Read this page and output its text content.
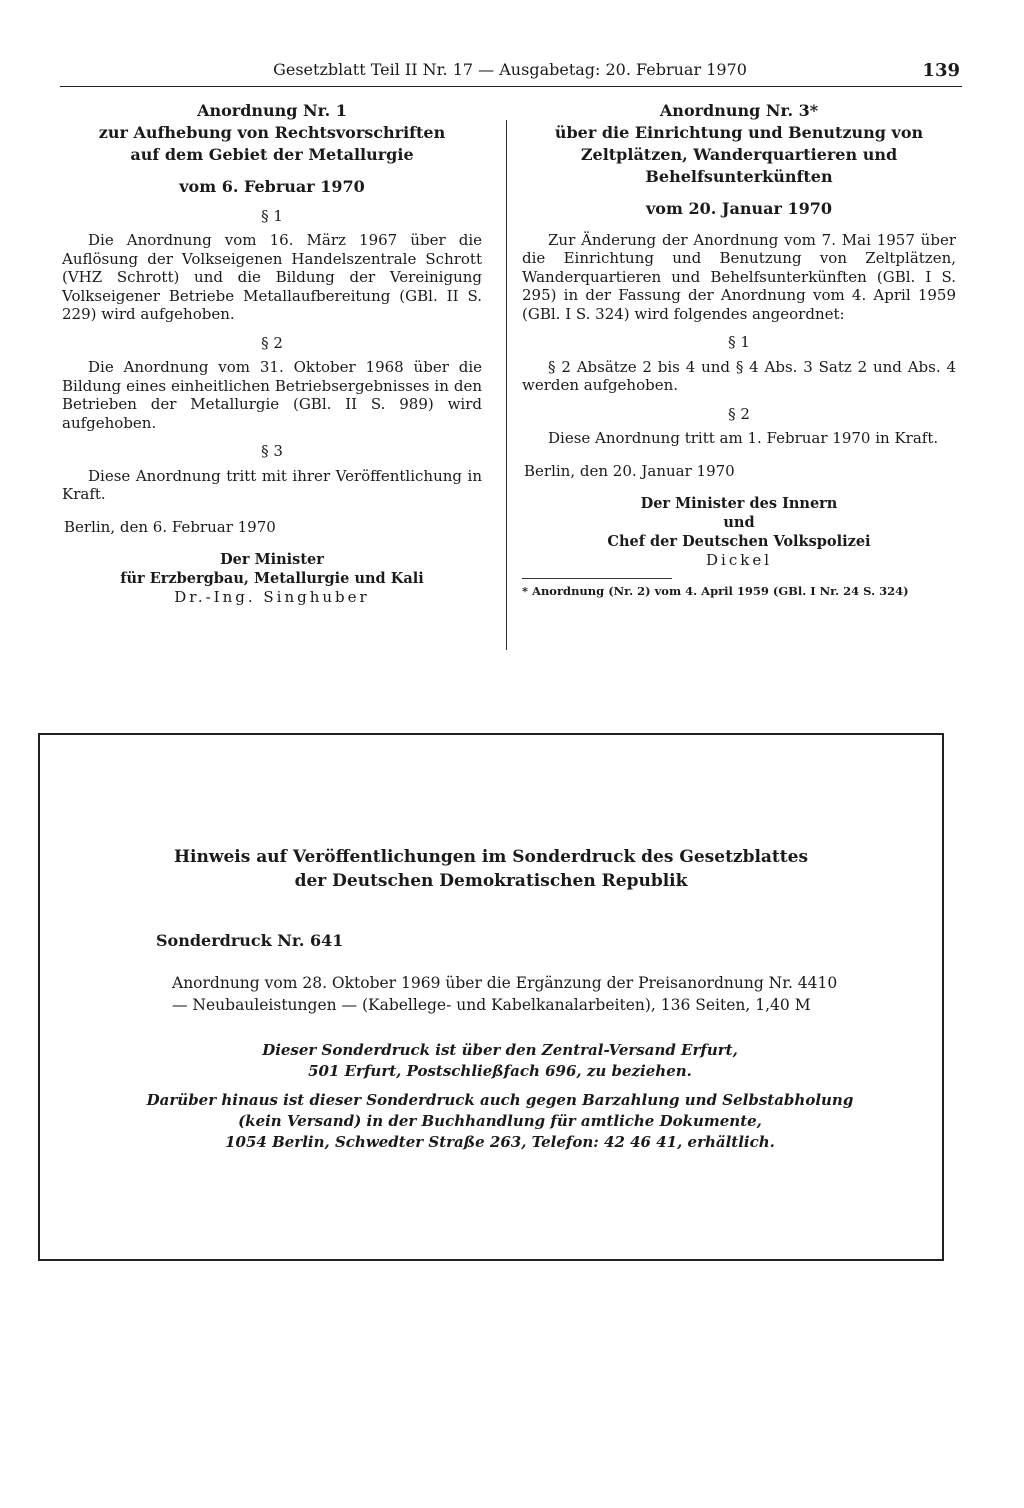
Gesetzblatt Teil II Nr. 17 — Ausgabetag: 20. Februar 1970	139
Anordnung Nr. 1
zur Aufhebung von Rechtsvorschriften
auf dem Gebiet der Metallurgie
vom 6. Februar 1970
§ 1

Die Anordnung vom 16. März 1967 über die Auflösung der Volkseigenen Handelszentrale Schrott (VHZ Schrott) und die Bildung der Vereinigung Volkseigener Betriebe Metallaufbereitung (GBl. II S. 229) wird aufgehoben.

§ 2

Die Anordnung vom 31. Oktober 1968 über die Bildung eines einheitlichen Betriebsergebnisses in den Betrieben der Metallurgie (GBl. II S. 989) wird aufgehoben.

§ 3

Diese Anordnung tritt mit ihrer Veröffentlichung in Kraft.

Berlin, den 6. Februar 1970
Der Minister
für Erzbergbau, Metallurgie und Kali
Dr.-Ing. Singhuber
Anordnung Nr. 3*
über die Einrichtung und Benutzung von Zeltplätzen, Wanderquartieren und
Behelfsunterkünften
vom 20. Januar 1970

Zur Änderung der Anordnung vom 7. Mai 1957 über die Einrichtung und Benutzung von Zeltplätzen, Wanderquartieren und Behelfsunterkünften (GBl. I S. 295) in der Fassung der Anordnung vom 4. April 1959 (GBl. I S. 324) wird folgendes angeordnet:

§ 1

§ 2 Absätze 2 bis 4 und § 4 Abs. 3 Satz 2 und Abs. 4 werden aufgehoben.

§ 2

Diese Anordnung tritt am 1. Februar 1970 in Kraft.

Berlin, den 20. Januar 1970
Der Minister des Innern
und
Chef der Deutschen Volkspolizei
Dickel
* Anordnung (Nr. 2) vom 4. April 1959 (GBl. I Nr. 24 S. 324)
Hinweis auf Veröffentlichungen im Sonderdruck des Gesetzblattes
der Deutschen Demokratischen Republik
Sonderdruck Nr. 641
Anordnung vom 28. Oktober 1969 über die Ergänzung der Preisanordnung Nr. 4410
— Neubauleistungen — (Kabellege- und Kabelkanalarbeiten), 136 Seiten, 1,40 M
Dieser Sonderdruck ist über den Zentral-Versand Erfurt,
501 Erfurt, Postschließfach 696, zu beziehen.
Darüber hinaus ist dieser Sonderdruck auch gegen Barzahlung und Selbstabholung
(kein Versand) in der Buchhandlung für amtliche Dokumente,
1054 Berlin, Schwedter Straße 263, Telefon: 42 46 41, erhältlich.
